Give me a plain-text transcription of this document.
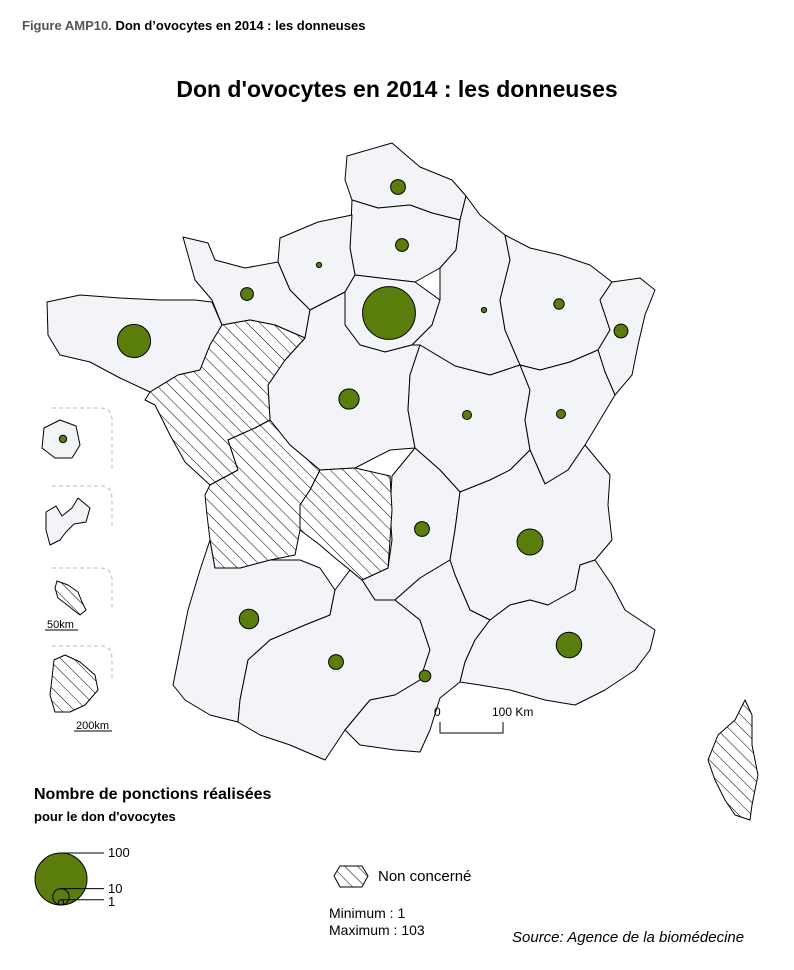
Figure AMP10. Don d’ovocytes en 2014 : les donneuses
Don d'ovocytes en 2014 : les donneuses
0	100 Km
50km
200km
Nombre de ponctions réalisées
pour le don d'ovocytes
100
10
1
Non concerné
Minimum : 1
Maximum : 103	Source: Agence de la biomédecine
